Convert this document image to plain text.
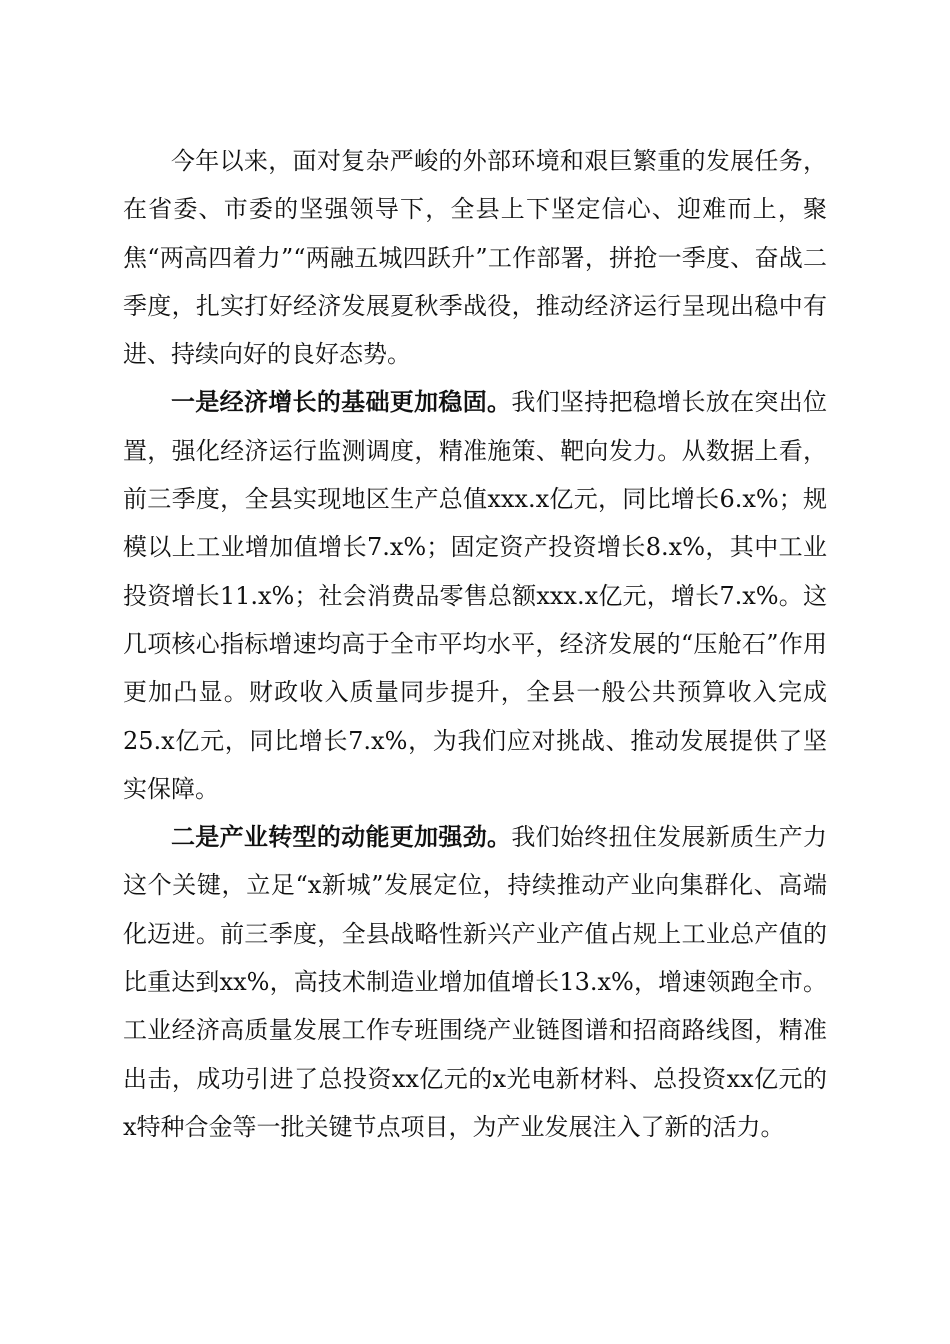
今年以来，面对复杂严峻的外部环境和艰巨繁重的发展任务，在省委、市委的坚强领导下，全县上下坚定信心、迎难而上，聚焦“两高四着力”“两融五城四跃升”工作部署，拼抢一季度、奋战二季度，扎实打好经济发展夏秋季战役，推动经济运行呈现出稳中有进、持续向好的良好态势。

一是经济增长的基础更加稳固。我们坚持把稳增长放在突出位置，强化经济运行监测调度，精准施策、靶向发力。从数据上看，前三季度，全县实现地区生产总值xxx.x亿元，同比增长6.x%；规模以上工业增加值增长7.x%；固定资产投资增长8.x%，其中工业投资增长11.x%；社会消费品零售总额xxx.x亿元，增长7.x%。这几项核心指标增速均高于全市平均水平，经济发展的“压舱石”作用更加凸显。财政收入质量同步提升，全县一般公共预算收入完成25.x亿元，同比增长7.x%，为我们应对挑战、推动发展提供了坚实保障。

二是产业转型的动能更加强劲。我们始终扭住发展新质生产力这个关键，立足“x新城”发展定位，持续推动产业向集群化、高端化迈进。前三季度，全县战略性新兴产业产值占规上工业总产值的比重达到xx%，高技术制造业增加值增长13.x%，增速领跑全市。工业经济高质量发展工作专班围绕产业链图谱和招商路线图，精准出击，成功引进了总投资xx亿元的x光电新材料、总投资xx亿元的x特种合金等一批关键节点项目，为产业发展注入了新的活力。
